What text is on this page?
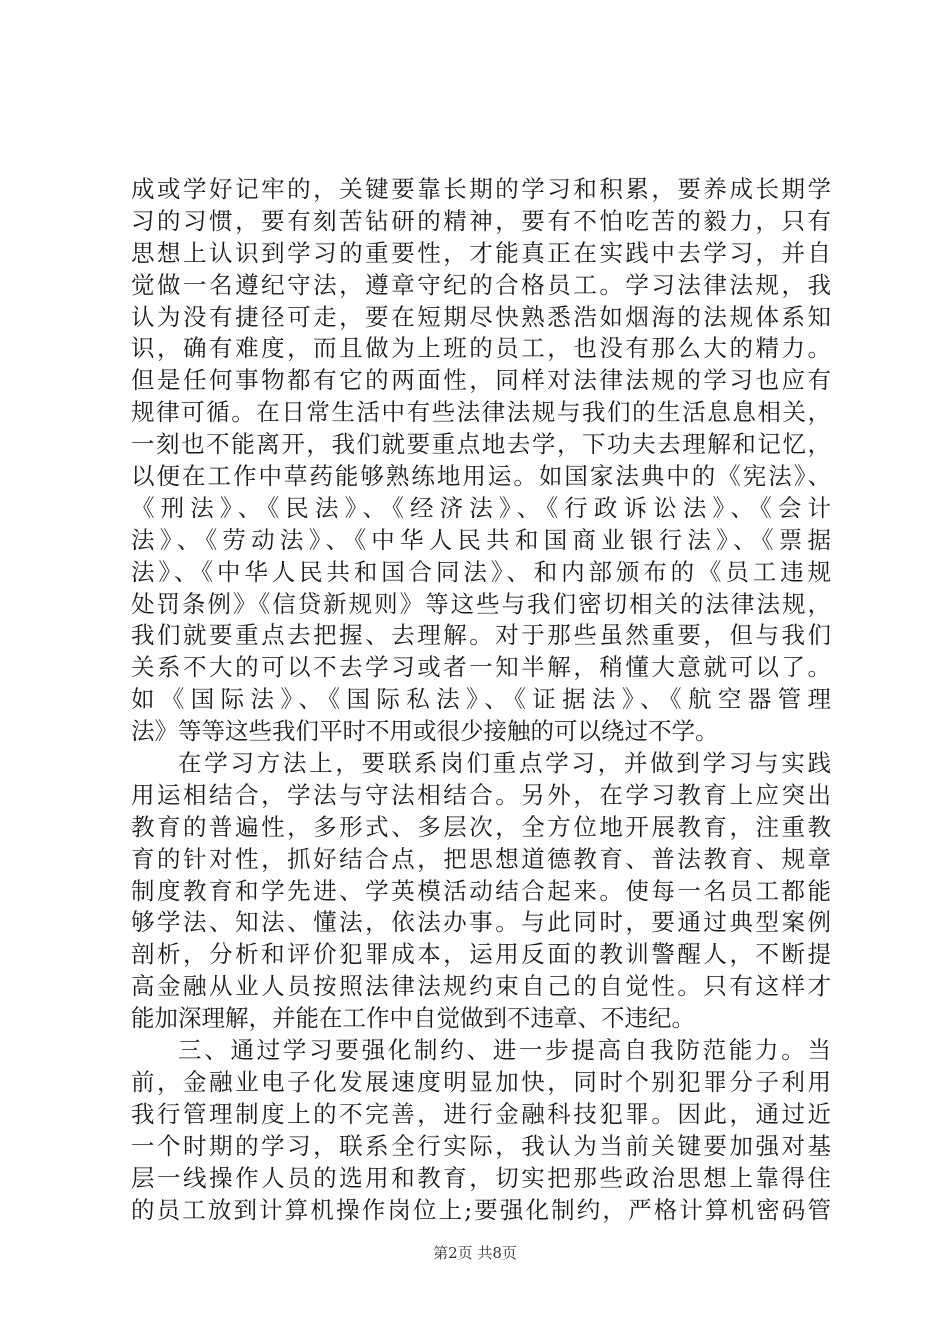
成或学好记牢的，关键要靠长期的学习和积累，要养成长期学
习的习惯，要有刻苦钻研的精神，要有不怕吃苦的毅力，只有
思想上认识到学习的重要性，才能真正在实践中去学习，并自
觉做一名遵纪守法，遵章守纪的合格员工。学习法律法规，我
认为没有捷径可走，要在短期尽快熟悉浩如烟海的法规体系知
识，确有难度，而且做为上班的员工，也没有那么大的精力。
但是任何事物都有它的两面性，同样对法律法规的学习也应有
规律可循。在日常生活中有些法律法规与我们的生活息息相关，
一刻也不能离开，我们就要重点地去学，下功夫去理解和记忆，
以便在工作中草药能够熟练地用运。如国家法典中的《宪法》、
《刑法》、《民法》、《经济法》、《行政诉讼法》、《会计
法》、《劳动法》、《中华人民共和国商业银行法》、《票据
法》、《中华人民共和国合同法》、和内部颁布的《员工违规
处罚条例》《信贷新规则》等这些与我们密切相关的法律法规，
我们就要重点去把握、去理解。对于那些虽然重要，但与我们
关系不大的可以不去学习或者一知半解，稍懂大意就可以了。
如《国际法》、《国际私法》、《证据法》、《航空器管理
法》等等这些我们平时不用或很少接触的可以绕过不学。
在学习方法上，要联系岗们重点学习，并做到学习与实践
用运相结合，学法与守法相结合。另外，在学习教育上应突出
教育的普遍性，多形式、多层次，全方位地开展教育，注重教
育的针对性，抓好结合点，把思想道德教育、普法教育、规章
制度教育和学先进、学英模活动结合起来。使每一名员工都能
够学法、知法、懂法，依法办事。与此同时，要通过典型案例
剖析，分析和评价犯罪成本，运用反面的教训警醒人，不断提
高金融从业人员按照法律法规约束自己的自觉性。只有这样才
能加深理解，并能在工作中自觉做到不违章、不违纪。
三、通过学习要强化制约、进一步提高自我防范能力。当
前，金融业电子化发展速度明显加快，同时个别犯罪分子利用
我行管理制度上的不完善，进行金融科技犯罪。因此，通过近
一个时期的学习，联系全行实际，我认为当前关键要加强对基
层一线操作人员的选用和教育，切实把那些政治思想上靠得住
的员工放到计算机操作岗位上;要强化制约，严格计算机密码管
第2页 共8页
